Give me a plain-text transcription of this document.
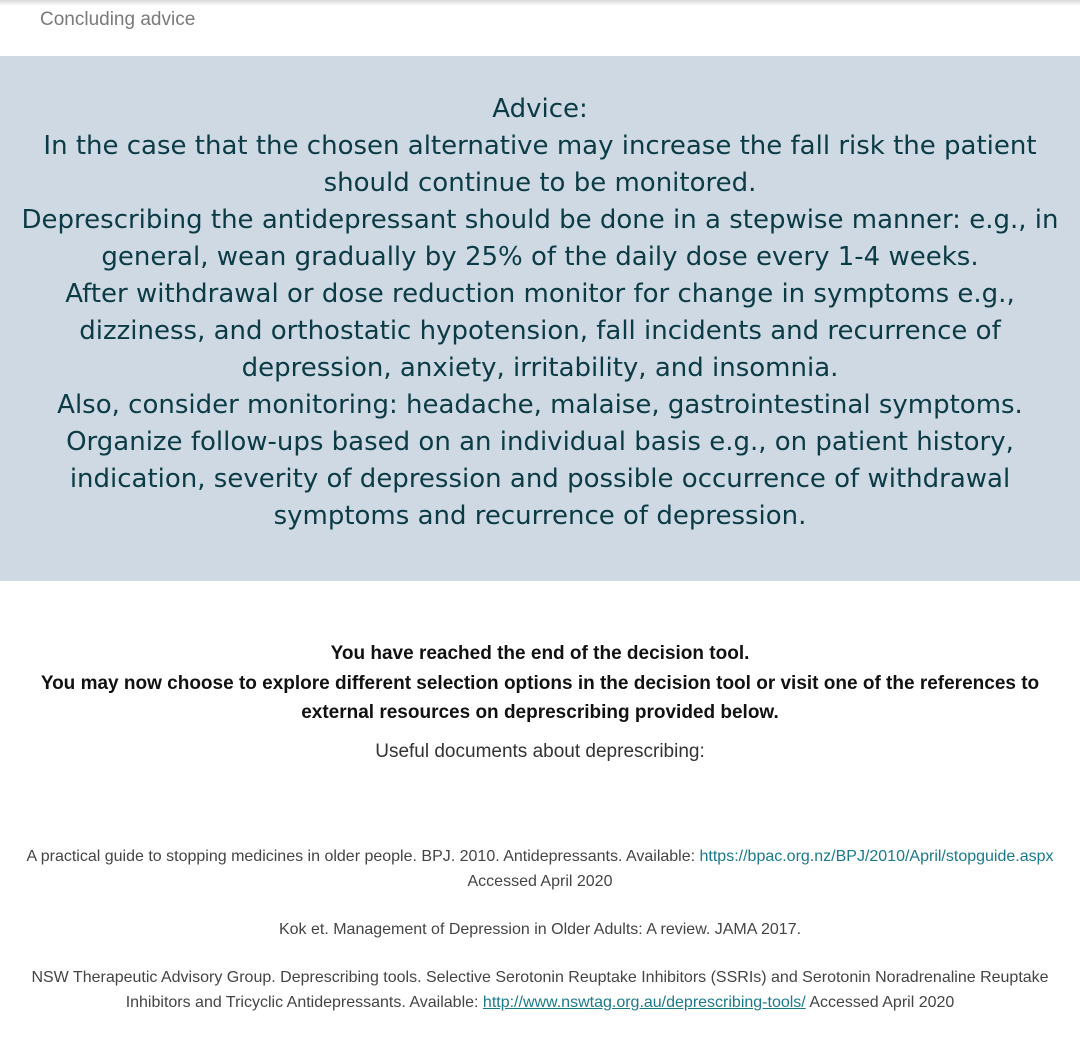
Concluding advice
Advice:
In the case that the chosen alternative may increase the fall risk the patient
should continue to be monitored.
Deprescribing the antidepressant should be done in a stepwise manner: e.g., in
general, wean gradually by 25% of the daily dose every 1-4 weeks.
After withdrawal or dose reduction monitor for change in symptoms e.g.,
dizziness, and orthostatic hypotension, fall incidents and recurrence of
depression, anxiety, irritability, and insomnia.
Also, consider monitoring: headache, malaise, gastrointestinal symptoms.
Organize follow-ups based on an individual basis e.g., on patient history,
indication, severity of depression and possible occurrence of withdrawal
symptoms and recurrence of depression.
You have reached the end of the decision tool.
You may now choose to explore different selection options in the decision tool or visit one of the references to
external resources on deprescribing provided below.
Useful documents about deprescribing:
A practical guide to stopping medicines in older people. BPJ. 2010. Antidepressants. Available: https://bpac.org.nz/BPJ/2010/April/stopguide.aspx
Accessed April 2020
Kok et. Management of Depression in Older Adults: A review. JAMA 2017.
NSW Therapeutic Advisory Group. Deprescribing tools. Selective Serotonin Reuptake Inhibitors (SSRIs) and Serotonin Noradrenaline Reuptake
Inhibitors and Tricyclic Antidepressants. Available: http://www.nswtag.org.au/deprescribing-tools/ Accessed April 2020
